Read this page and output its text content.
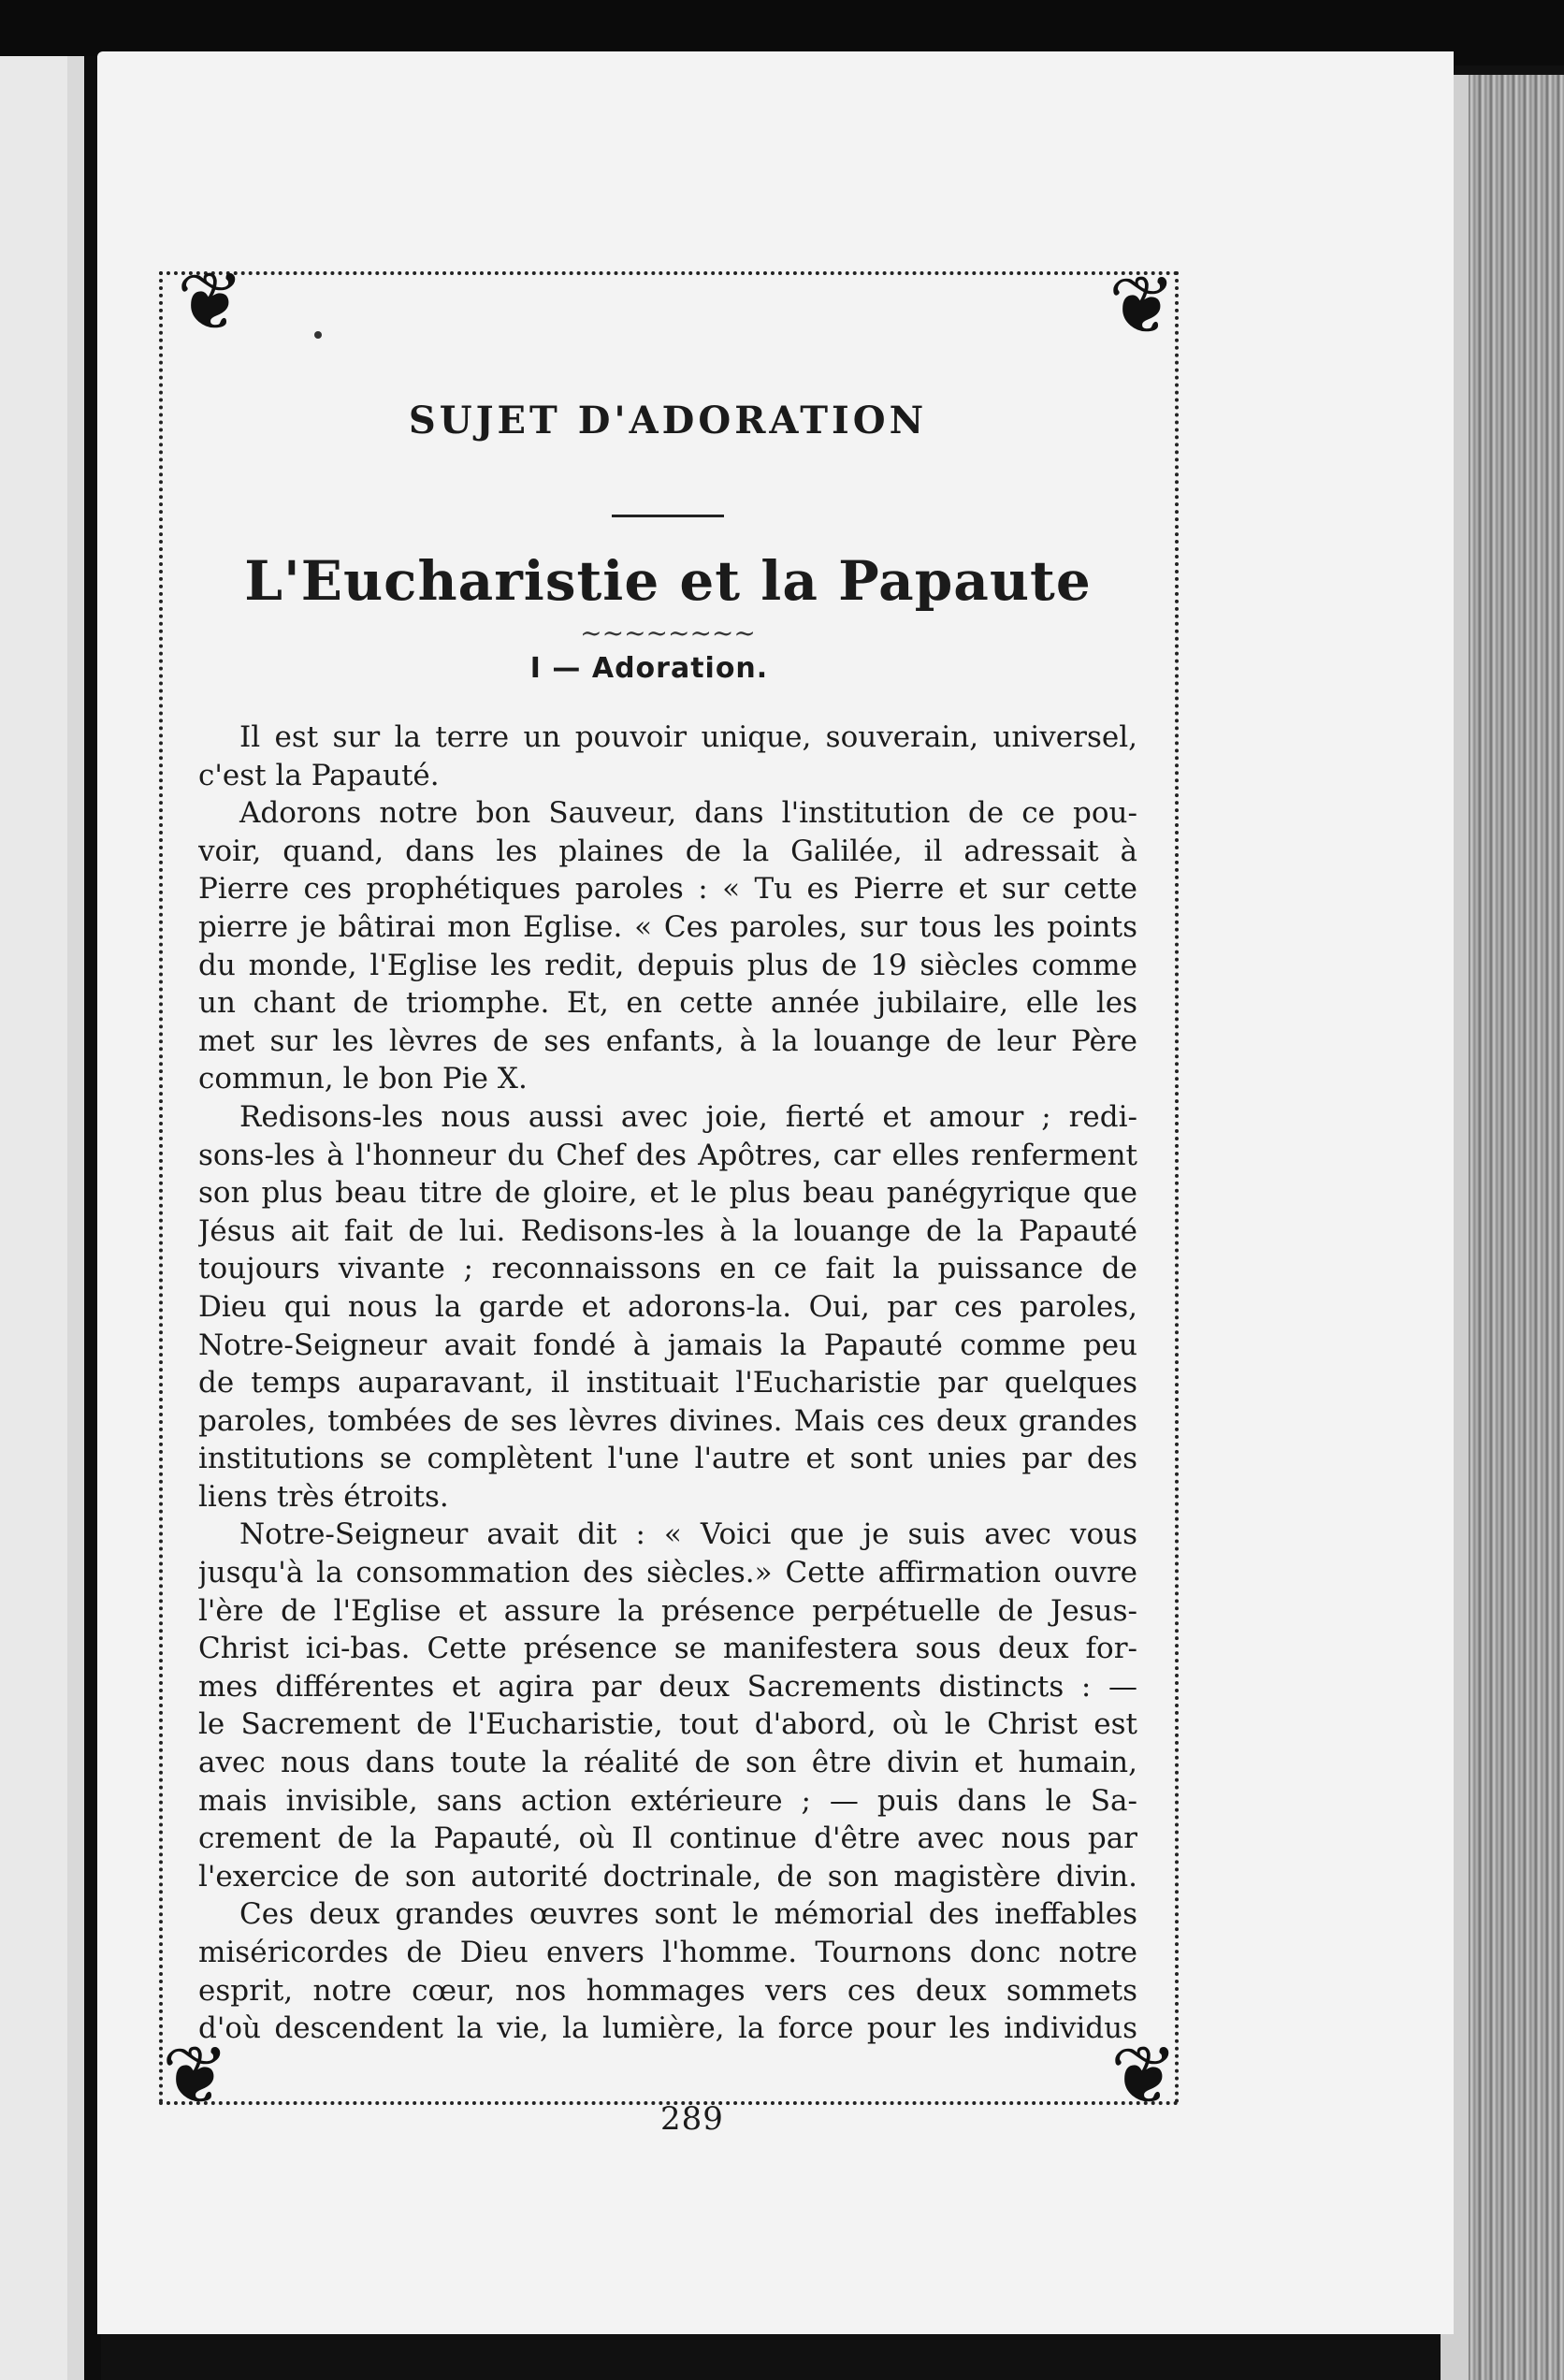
❦	❦
❦	❦
SUJET D'ADORATION
L'Eucharistie et la Papaute
~~~~~~~~
I — Adoration.
Il est sur la terre un pouvoir unique, souverain, universel,
c'est la Papauté.
Adorons notre bon Sauveur, dans l'institution de ce pou-
voir, quand, dans les plaines de la Galilée, il adressait à
Pierre ces prophétiques paroles : « Tu es Pierre et sur cette
pierre je bâtirai mon Eglise. « Ces paroles, sur tous les points
du monde, l'Eglise les redit, depuis plus de 19 siècles comme
un chant de triomphe. Et, en cette année jubilaire, elle les
met sur les lèvres de ses enfants, à la louange de leur Père
commun, le bon Pie X.
Redisons-les nous aussi avec joie, fierté et amour ; redi-
sons-les à l'honneur du Chef des Apôtres, car elles renferment
son plus beau titre de gloire, et le plus beau panégyrique que
Jésus ait fait de lui. Redisons-les à la louange de la Papauté
toujours vivante ; reconnaissons en ce fait la puissance de
Dieu qui nous la garde et adorons-la. Oui, par ces paroles,
Notre-Seigneur avait fondé à jamais la Papauté comme peu
de temps auparavant, il instituait l'Eucharistie par quelques
paroles, tombées de ses lèvres divines. Mais ces deux grandes
institutions se complètent l'une l'autre et sont unies par des
liens très étroits.
Notre-Seigneur avait dit : « Voici que je suis avec vous
jusqu'à la consommation des siècles.» Cette affirmation ouvre
l'ère de l'Eglise et assure la présence perpétuelle de Jesus-
Christ ici-bas. Cette présence se manifestera sous deux for-
mes différentes et agira par deux Sacrements distincts : —
le Sacrement de l'Eucharistie, tout d'abord, où le Christ est
avec nous dans toute la réalité de son être divin et humain,
mais invisible, sans action extérieure ; — puis dans le Sa-
crement de la Papauté, où Il continue d'être avec nous par
l'exercice de son autorité doctrinale, de son magistère divin.
Ces deux grandes œuvres sont le mémorial des ineffables
miséricordes de Dieu envers l'homme. Tournons donc notre
esprit, notre cœur, nos hommages vers ces deux sommets
d'où descendent la vie, la lumière, la force pour les individus
289
